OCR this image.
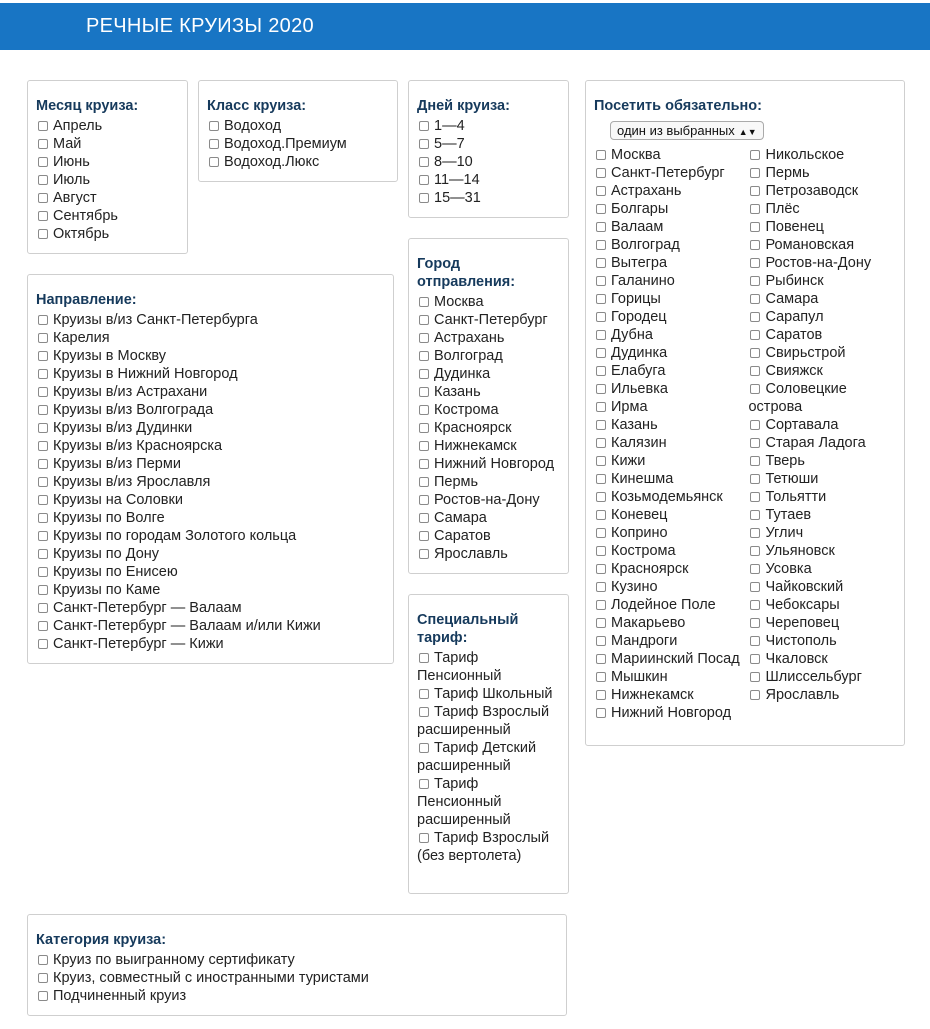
РЕЧНЫЕ КРУИЗЫ 2020
Месяц круиза:
Апрель
Май
Июнь
Июль
Август
Сентябрь
Октябрь
Класс круиза:
Водоход
Водоход.Премиум
Водоход.Люкс
Дней круиза:
1—4
5—7
8—10
11—14
15—31
Направление:
Круизы в/из Санкт-Петербурга
Карелия
Круизы в Москву
Круизы в Нижний Новгород
Круизы в/из Астрахани
Круизы в/из Волгограда
Круизы в/из Дудинки
Круизы в/из Красноярска
Круизы в/из Перми
Круизы в/из Ярославля
Круизы на Соловки
Круизы по Волге
Круизы по городам Золотого кольца
Круизы по Дону
Круизы по Енисею
Круизы по Каме
Санкт-Петербург — Валаам
Санкт-Петербург — Валаам и/или Кижи
Санкт-Петербург — Кижи
Город отправления:
Москва
Санкт-Петербург
Астрахань
Волгоград
Дудинка
Казань
Кострома
Красноярск
Нижнекамск
Нижний Новгород
Пермь
Ростов-на-Дону
Самара
Саратов
Ярославль
Специальный тариф:
Тариф Пенсионный
Тариф Школьный
Тариф Взрослый расширенный
Тариф Детский расширенный
Тариф Пенсионный расширенный
Тариф Взрослый (без вертолета)
Посетить обязательно:
один из выбранных ▲▼
Москва
Санкт-Петербург
Астрахань
Болгары
Валаам
Волгоград
Вытегра
Галанино
Горицы
Городец
Дубна
Дудинка
Елабуга
Ильевка
Ирма
Казань
Калязин
Кижи
Кинешма
Козьмодемьянск
Коневец
Коприно
Кострома
Красноярск
Кузино
Лодейное Поле
Макарьево
Мандроги
Мариинский Посад
Мышкин
Нижнекамск
Нижний Новгород
Никольское
Пермь
Петрозаводск
Плёс
Повенец
Романовская
Ростов-на-Дону
Рыбинск
Самара
Сарапул
Саратов
Свирьстрой
Свияжск
Соловецкие острова
Сортавала
Старая Ладога
Тверь
Тетюши
Тольятти
Тутаев
Углич
Ульяновск
Усовка
Чайковский
Чебоксары
Череповец
Чистополь
Чкаловск
Шлиссельбург
Ярославль
Категория круиза:
Круиз по выигранному сертификату
Круиз, совместный с иностранными туристами
Подчиненный круиз
